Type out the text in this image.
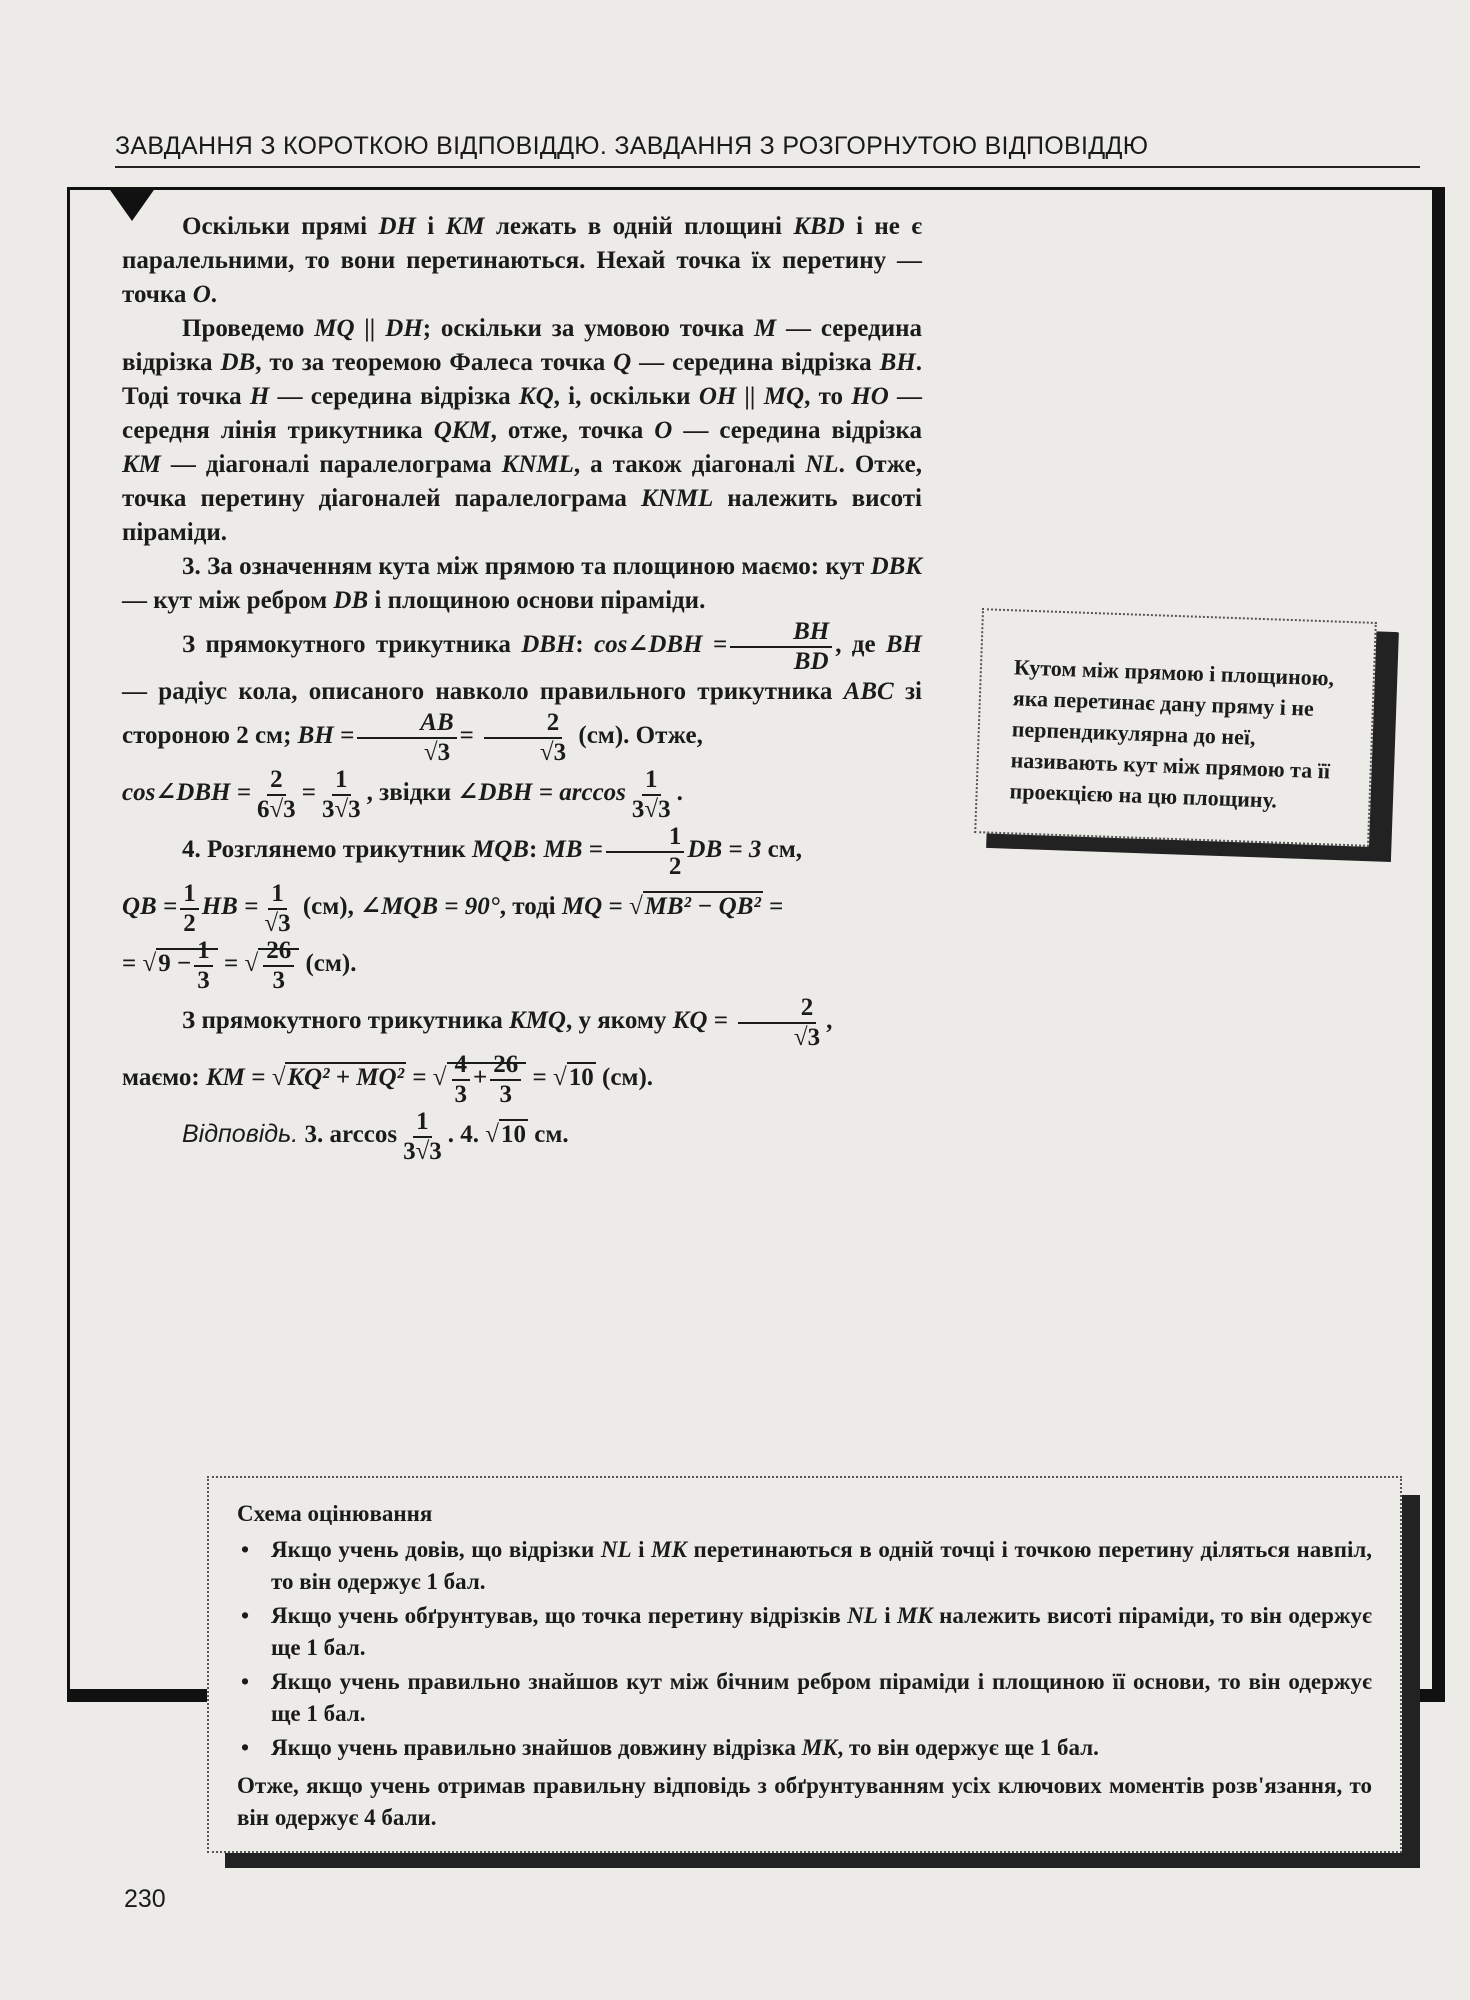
ЗАВДАННЯ З КОРОТКОЮ ВІДПОВІДДЮ. ЗАВДАННЯ З РОЗГОРНУТОЮ ВІДПОВІДДЮ

Оскільки прямі DH і KM лежать в одній площині KBD і не є паралельними, то вони перетинаються. Нехай точка їх перетину — точка O.

Проведемо MQ || DH; оскільки за умовою точка M — середина відрізка DB, то за теоремою Фалеса точка Q — середина відрізка BH. Тоді точка H — середина відрізка KQ, і, оскільки OH || MQ, то HO — середня лінія трикутника QKM, отже, точка O — середина відрізка KM — діагоналі паралелограма KNML, а також діагоналі NL. Отже, точка перетину діагоналей паралелограма KNML належить висоті піраміди.

3. За означенням кута між прямою та площиною маємо: кут DBK — кут між ребром DB і площиною основи піраміди.

З прямокутного трикутника DBH: cos∠DBH = $\frac{BH}{BD}$ , де BH — радіус кола, описаного навколо правильного трикутника ABC зі стороною 2 см; BH = $\frac{AB}{√3} = \frac{2}{√3} (см)$. Отже,

cos∠DBH = $\frac{2}{6√3} = \frac{1}{3√3}$ , звідки ∠DBH = $\arccos \frac{1}{3√3}$ .

4. Розглянемо трикутник MQB: MB = $\frac{1}{2}$ DB = 3 см,

QB = $\frac{1}{2}$ HB = $\frac{1}{√3} (см)$, ∠MQB = 90°, тоді MQ = √MB² − QB² =

= $√9 - \frac{1}{3}$ = √ $\frac{26}{3} (см)$.

З прямокутного трикутника KMQ, у якому KQ = $\frac{2}{√3}$ ,

маємо: KM = √KQ² + MQ² = √ $\frac{4}{3} + \frac{26}{3} = √10$ (см).

Відповідь. 3. $\arccos \frac{1}{3√3}$ . 4. √10 см.

Кутом між прямою і площиною, яка перетинає дану пряму і не перпендикулярна до неї, називають кут між прямою та її проекцією на цю площину.
Схема оцінювання
• Якщо учень довів, що відрізки NL і MK перетинаються в одній точці і точкою перетину діляться навпіл, то він одержує 1 бал.
• Якщо учень обґрунтував, що точка перетину відрізків NL і MK належить висоті піраміди, то він одержує ще 1 бал.
• Якщо учень правильно знайшов кут між бічним ребром піраміди і площиною її основи, то він одержує ще 1 бал.
• Якщо учень правильно знайшов довжину відрізка MK, то він одержує ще 1 бал.
Отже, якщо учень отримав правильну відповідь з обґрунтуванням усіх ключових моментів розв'язання, то він одержує 4 бали.
230
